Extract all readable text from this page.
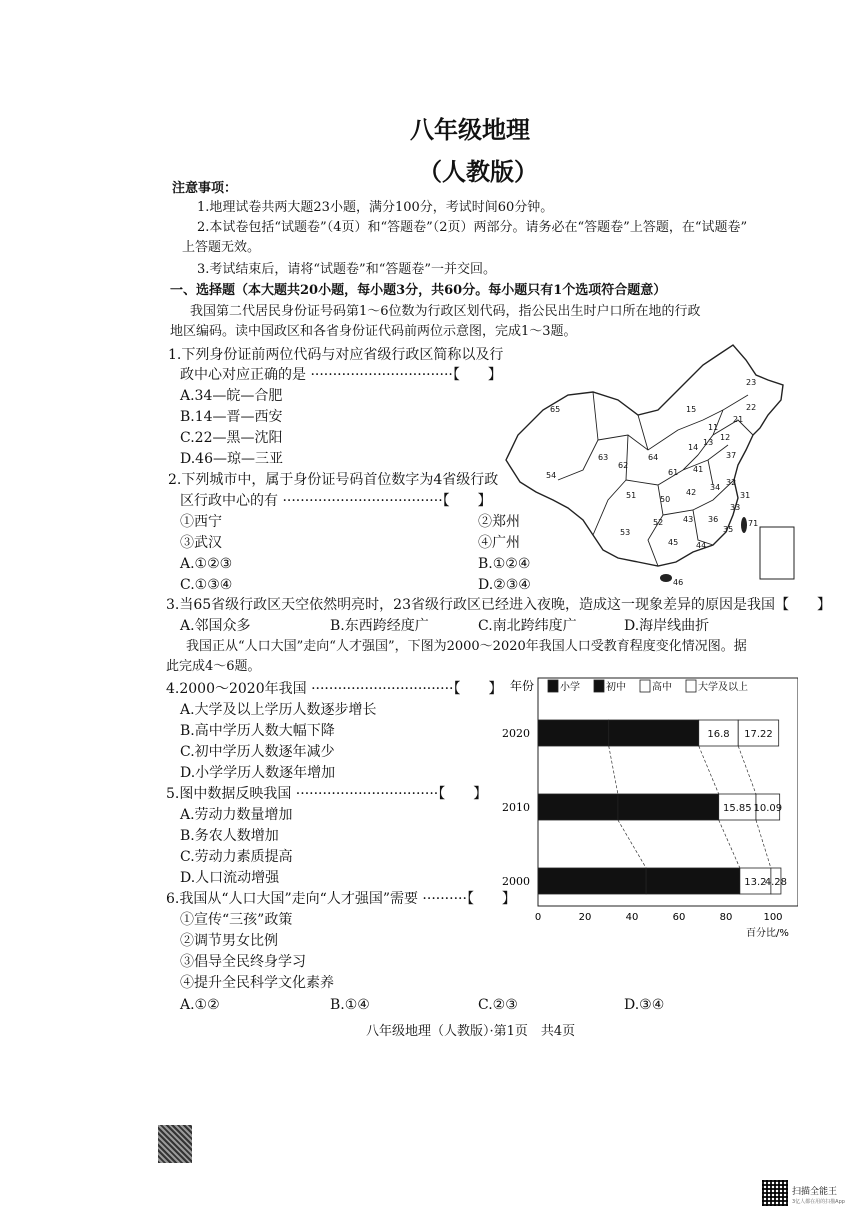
八年级地理
（人教版）
注意事项：
1.地理试卷共两大题23小题，满分100分，考试时间60分钟。
2.本试卷包括“试题卷”（4页）和“答题卷”（2页）两部分。请务必在“答题卷”上答题，在“试题卷”
上答题无效。
3.考试结束后，请将“试题卷”和“答题卷”一并交回。
一、选择题（本大题共20小题，每小题3分，共60分。每小题只有1个选项符合题意）
我国第二代居民身份证号码第1～6位数为行政区划代码，指公民出生时户口所在地的行政
地区编码。读中国政区和各省身份证代码前两位示意图，完成1～3题。
1.下列身份证前两位代码与对应省级行政区简称以及行
政中心对应正确的是 ································【　　】
A.34—皖—合肥
B.14—晋—西安
C.22—黑—沈阳
D.46—琼—三亚
2.下列城市中，属于身份证号码首位数字为4省级行政
区行政中心的有 ····································【　　】
①西宁	②郑州
③武汉	④广州
A.①②③	B.①②④
C.①③④	D.②③④
3.当65省级行政区天空依然明亮时，23省级行政区已经进入夜晚，造成这一现象差异的原因是我国【　　】
A.邻国众多	B.东西跨经度广	C.南北跨纬度广	D.海岸线曲折
我国正从“人口大国”走向“人才强国”，下图为2000～2020年我国人口受教育程度变化情况图。据
此完成4～6题。
4.2000～2020年我国 ································【　　】
A.大学及以上学历人数逐步增长
B.高中学历人数大幅下降
C.初中学历人数逐年减少
D.小学学历人数逐年增加
5.图中数据反映我国 ································【　　】
A.劳动力数量增加
B.务农人数增加
C.劳动力素质提高
D.人口流动增强
6.我国从“人口大国”走向“人才强国”需要 ··········【　　】
①宣传“三孩”政策
②调节男女比例
③倡导全民终身学习
④提升全民科学文化素养
A.①②	B.①④	C.②③	D.③④
八年级地理（人教版）·第1页　共4页
65
54
63
62
15
23
22
21
11
12
13
14
37
64
61
51	50
53
52
45 44
46
43
42
36
35
33
34
32
41
31
71
年份	小学	初中	高中	大学及以上
2020	16.8 17.22
2010	15.85 10.09
2000	13.2
4.28
0	20	40	60	80	100
百分比/%
扫描全能王
3亿人都在用的扫描App
